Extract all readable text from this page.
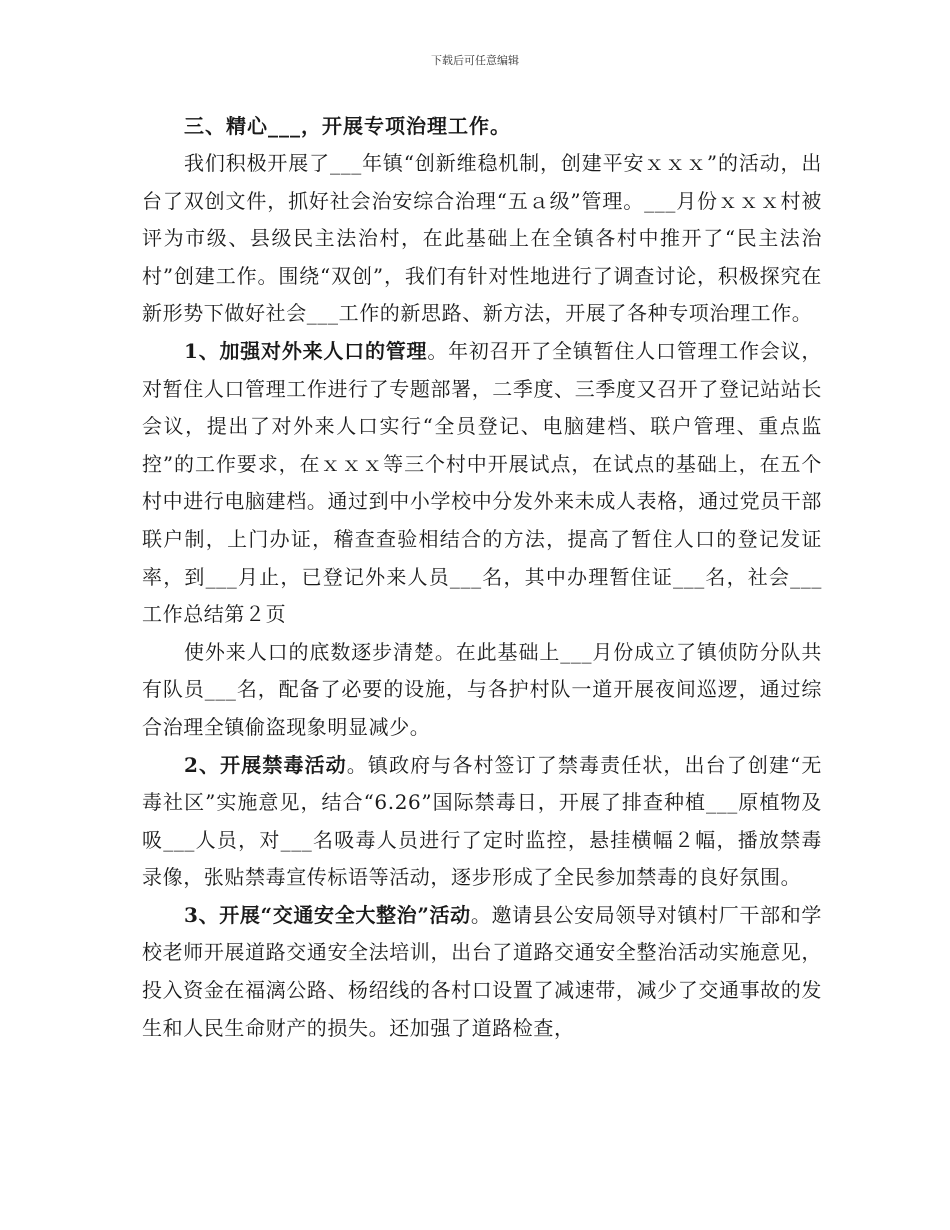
下载后可任意编辑

三、精心___，开展专项治理工作。

我们积极开展了___年镇“创新维稳机制，创建平安ｘｘｘ”的活动，出台了双创文件，抓好社会治安综合治理“五ａ级”管理。___月份ｘｘｘ村被评为市级、县级民主法治村，在此基础上在全镇各村中推开了“民主法治村”创建工作。围绕“双创”，我们有针对性地进行了调查讨论，积极探究在新形势下做好社会___工作的新思路、新方法，开展了各种专项治理工作。

1、加强对外来人口的管理。年初召开了全镇暂住人口管理工作会议，对暂住人口管理工作进行了专题部署，二季度、三季度又召开了登记站站长会议，提出了对外来人口实行“全员登记、电脑建档、联户管理、重点监控”的工作要求，在ｘｘｘ等三个村中开展试点，在试点的基础上，在五个村中进行电脑建档。通过到中小学校中分发外来未成人表格，通过党员干部联户制，上门办证，稽查查验相结合的方法，提高了暂住人口的登记发证率，到___月止，已登记外来人员___名，其中办理暂住证___名，社会___工作总结第２页

使外来人口的底数逐步清楚。在此基础上___月份成立了镇侦防分队共有队员___名，配备了必要的设施，与各护村队一道开展夜间巡逻，通过综合治理全镇偷盗现象明显减少。

2、开展禁毒活动。镇政府与各村签订了禁毒责任状，出台了创建“无毒社区”实施意见，结合“6.26”国际禁毒日，开展了排查种植___原植物及吸___人员，对___名吸毒人员进行了定时监控，悬挂横幅２幅，播放禁毒录像，张贴禁毒宣传标语等活动，逐步形成了全民参加禁毒的良好氛围。

3、开展“交通安全大整治”活动。邀请县公安局领导对镇村厂干部和学校老师开展道路交通安全法培训，出台了道路交通安全整治活动实施意见，投入资金在福漓公路、杨绍线的各村口设置了减速带，减少了交通事故的发生和人民生命财产的损失。还加强了道路检查，
